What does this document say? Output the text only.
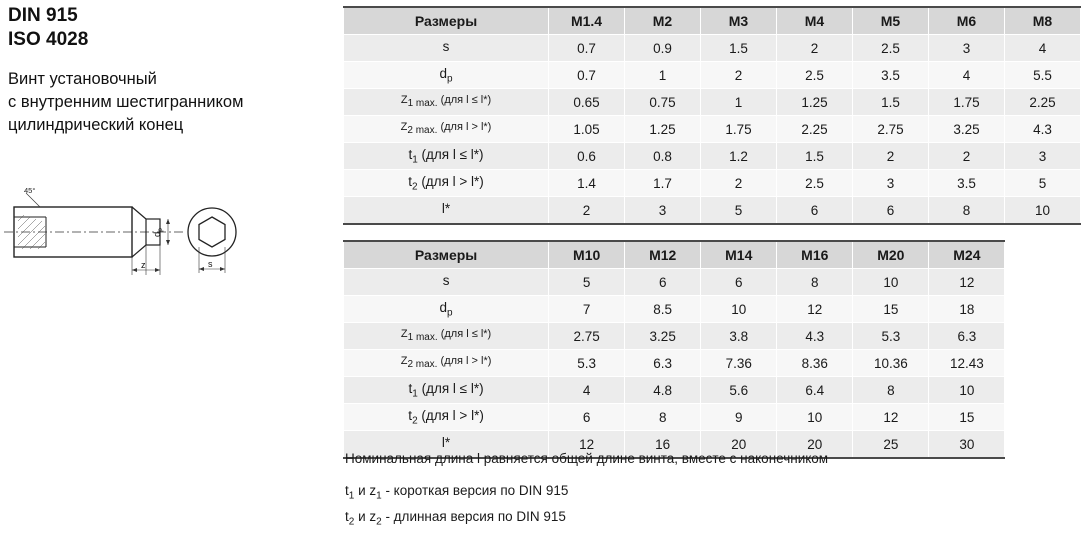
DIN 915
ISO 4028
Винт установочный
с внутренним шестигранником
цилиндрический конец
45°
z
$d_p$
s
Размеры	M1.4	M2	M3	M4	M5	M6	M8
s	0.7	0.9	1.5	2	2.5	3	4
$d_p$	0.7	1	2	2.5	3.5	4	5.5
Z1 max. (для l ≤ l*)	0.65	0.75	1	1.25	1.5	1.75	2.25
Z2 max. (для l > l*)	1.05	1.25	1.75	2.25	2.75	3.25	4.3
$t_1$ (для l ≤ l*)	0.6	0.8	1.2	1.5	2	2	3
$t_2$ (для l > l*)	1.4	1.7	2	2.5	3	3.5	5
l*	2	3	5	6	6	8	10
Размеры	M10	M12	M14	M16	M20	M24	
s	5	6	6	8	10	12	
$d_p$	7	8.5	10	12	15	18	
Z1 max. (для l ≤ l*)	2.75	3.25	3.8	4.3	5.3	6.3	
Z2 max. (для l > l*)	5.3	6.3	7.36	8.36	10.36	12.43	
$t_1$ (для l ≤ l*)	4	4.8	5.6	6.4	8	10	
$t_2$ (для l > l*)	6	8	9	10	12	15	
l*	12	16	20	20	25	30	
Номинальная длина l равняется общей длине винта, вместе с наконечником
$t_1$ и $z_1$ - короткая версия по DIN 915
$t_2$ и $z_2$ - длинная версия по DIN 915
